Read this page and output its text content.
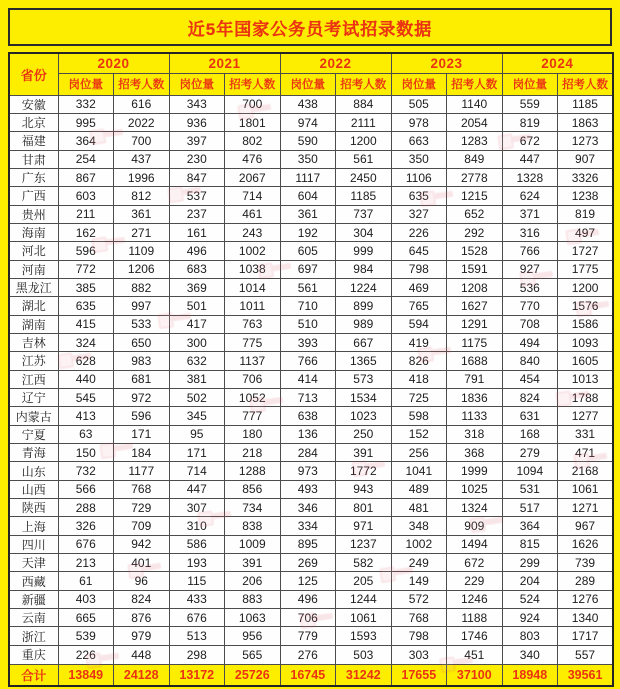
近5年国家公务员考试招录数据
省份	2020		2021		2022		2023		2024	
	岗位量	招考人数	岗位量	招考人数	岗位量	招考人数	岗位量	招考人数	岗位量	招考人数
安徽	332	616	343	700	438	884	505	1140	559	1185
北京	995	2022	936	1801	974	2111	978	2054	819	1863
福建	364	700	397	802	590	1200	663	1283	672	1273
甘肃	254	437	230	476	350	561	350	849	447	907
广东	867	1996	847	2067	1117	2450	1106	2778	1328	3326
广西	603	812	537	714	604	1185	635	1215	624	1238
贵州	211	361	237	461	361	737	327	652	371	819
海南	162	271	161	243	192	304	226	292	316	497
河北	596	1109	496	1002	605	999	645	1528	766	1727
河南	772	1206	683	1038	697	984	798	1591	927	1775
黑龙江	385	882	369	1014	561	1224	469	1208	536	1200
湖北	635	997	501	1011	710	899	765	1627	770	1576
湖南	415	533	417	763	510	989	594	1291	708	1586
吉林	324	650	300	775	393	667	419	1175	494	1093
江苏	628	983	632	1137	766	1365	826	1688	840	1605
江西	440	681	381	706	414	573	418	791	454	1013
辽宁	545	972	502	1052	713	1534	725	1836	824	1788
内蒙古	413	596	345	777	638	1023	598	1133	631	1277
宁夏	63	171	95	180	136	250	152	318	168	331
青海	150	184	171	218	284	391	256	368	279	471
山东	732	1177	714	1288	973	1772	1041	1999	1094	2168
山西	566	768	447	856	493	943	489	1025	531	1061
陕西	288	729	307	734	346	801	481	1324	517	1271
上海	326	709	310	838	334	971	348	909	364	967
四川	676	942	586	1009	895	1237	1002	1494	815	1626
天津	213	401	193	391	269	582	249	672	299	739
西藏	61	96	115	206	125	205	149	229	204	289
新疆	403	824	433	883	496	1244	572	1246	524	1276
云南	665	876	676	1063	706	1061	768	1188	924	1340
浙江	539	979	513	956	779	1593	798	1746	803	1717
重庆	226	448	298	565	276	503	303	451	340	557
合计	13849	24128	13172	25726	16745	31242	17655	37100	18948	39561
